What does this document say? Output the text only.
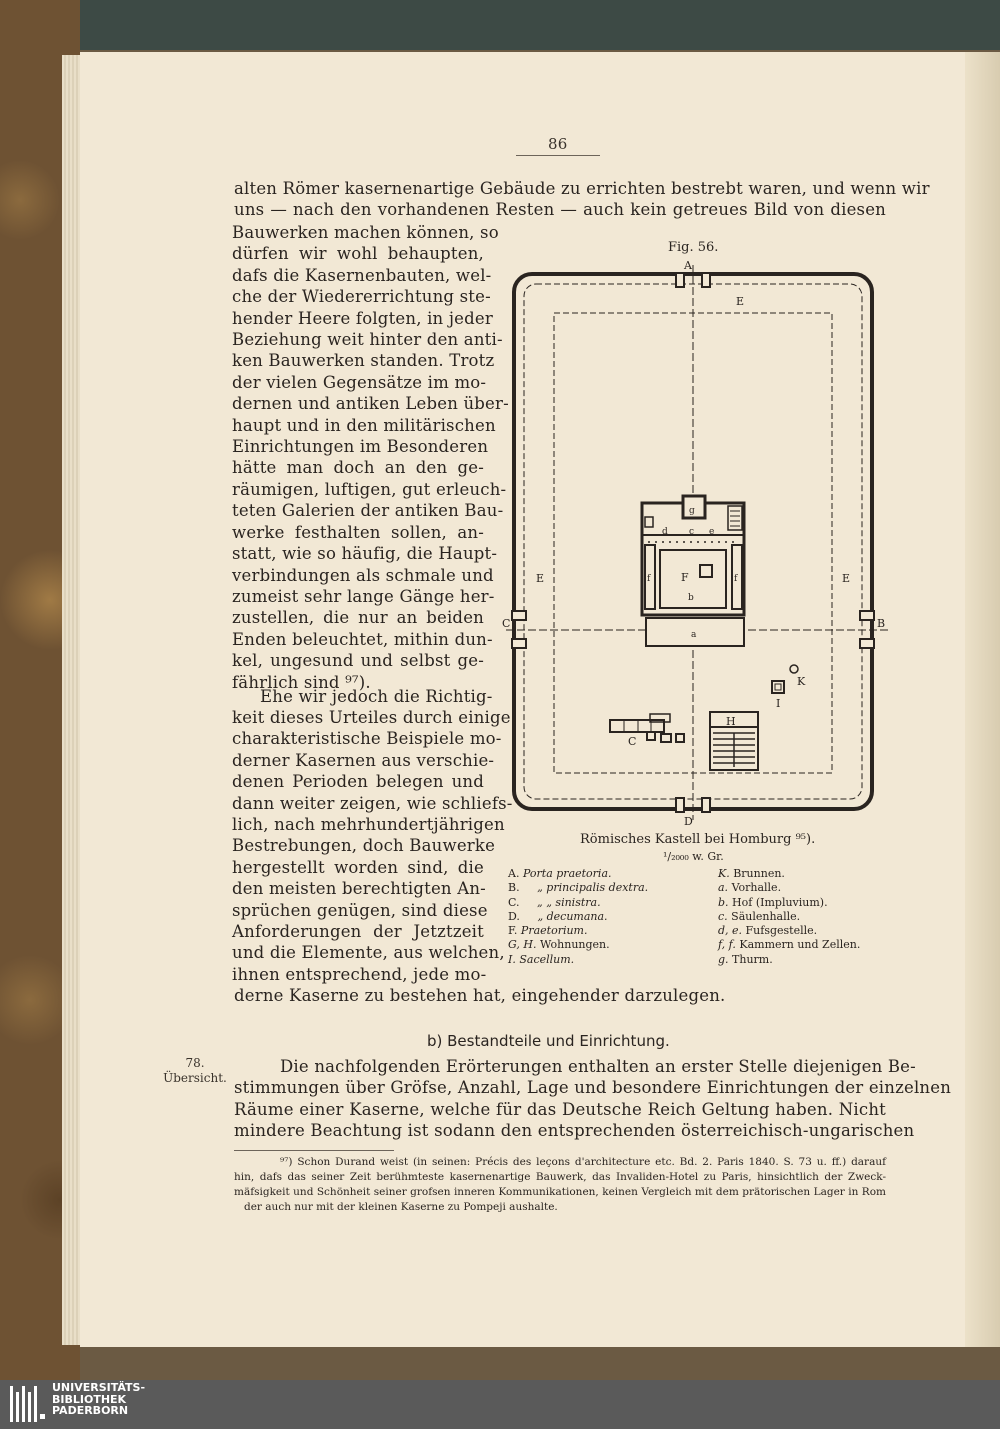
86
alten Römer kasernenartige Gebäude zu errichten bestrebt waren, und wenn wir
uns — nach den vorhandenen Resten — auch kein getreues Bild von diesen
Bauwerken machen können, so
dürfen wir wohl behaupten,
dafs die Kasernenbauten, wel-
che der Wiedererrichtung ste-
hender Heere folgten, in jeder
Beziehung weit hinter den anti-
ken Bauwerken standen. Trotz
der vielen Gegensätze im mo-
dernen und antiken Leben über-
haupt und in den militärischen
Einrichtungen im Besonderen
hätte man doch an den ge-
räumigen, luftigen, gut erleuch-
teten Galerien der antiken Bau-
werke festhalten sollen, an-
statt, wie so häufig, die Haupt-
verbindungen als schmale und
zumeist sehr lange Gänge her-
zustellen, die nur an beiden
Enden beleuchtet, mithin dun-
kel, ungesund und selbst ge-
fährlich sind ⁹⁷).
Ehe wir jedoch die Richtig-
keit dieses Urteiles durch einige
charakteristische Beispiele mo-
derner Kasernen aus verschie-
denen Perioden belegen und
dann weiter zeigen, wie schliefs-
lich, nach mehrhundertjährigen
Bestrebungen, doch Bauwerke
hergestellt worden sind, die
den meisten berechtigten An-
sprüchen genügen, sind diese
Anforderungen der Jetztzeit
und die Elemente, aus welchen,
ihnen entsprechend, jede mo-
derne Kaserne zu bestehen hat, eingehender darzulegen.
Fig. 56.
A
B
C
D
E
E	E
F
H
I
K
a
b
c
d	e
f	f
g
C
Römisches Kastell bei Homburg ⁹⁵).
¹/₂₀₀₀ w. Gr.
A. Porta praetoria.
B. „ principalis dextra.
C. „ „ sinistra.
D. „ decumana.
F. Praetorium.
G, H. Wohnungen.
I. Sacellum.
K. Brunnen.
a. Vorhalle.
b. Hof (Impluvium).
c. Säulenhalle.
d, e. Fufsgestelle.
f, f. Kammern und Zellen.
g. Thurm.
b) Bestandteile und Einrichtung.
78.
Übersicht.
Die nachfolgenden Erörterungen enthalten an erster Stelle diejenigen Be-
stimmungen über Gröfse, Anzahl, Lage und besondere Einrichtungen der einzelnen
Räume einer Kaserne, welche für das Deutsche Reich Geltung haben. Nicht
mindere Beachtung ist sodann den entsprechenden österreichisch-ungarischen
⁹⁷) Schon Durand weist (in seinen: Précis des leçons d'architecture etc. Bd. 2. Paris 1840. S. 73 u. ff.) darauf
hin, dafs das seiner Zeit berühmteste kasernenartige Bauwerk, das Invaliden-Hotel zu Paris, hinsichtlich der Zweck-
mäfsigkeit und Schönheit seiner grofsen inneren Kommunikationen, keinen Vergleich mit dem prätorischen Lager in Rom
der auch nur mit der kleinen Kaserne zu Pompeji aushalte.
UNIVERSITÄTS-
BIBLIOTHEK
PADERBORN
